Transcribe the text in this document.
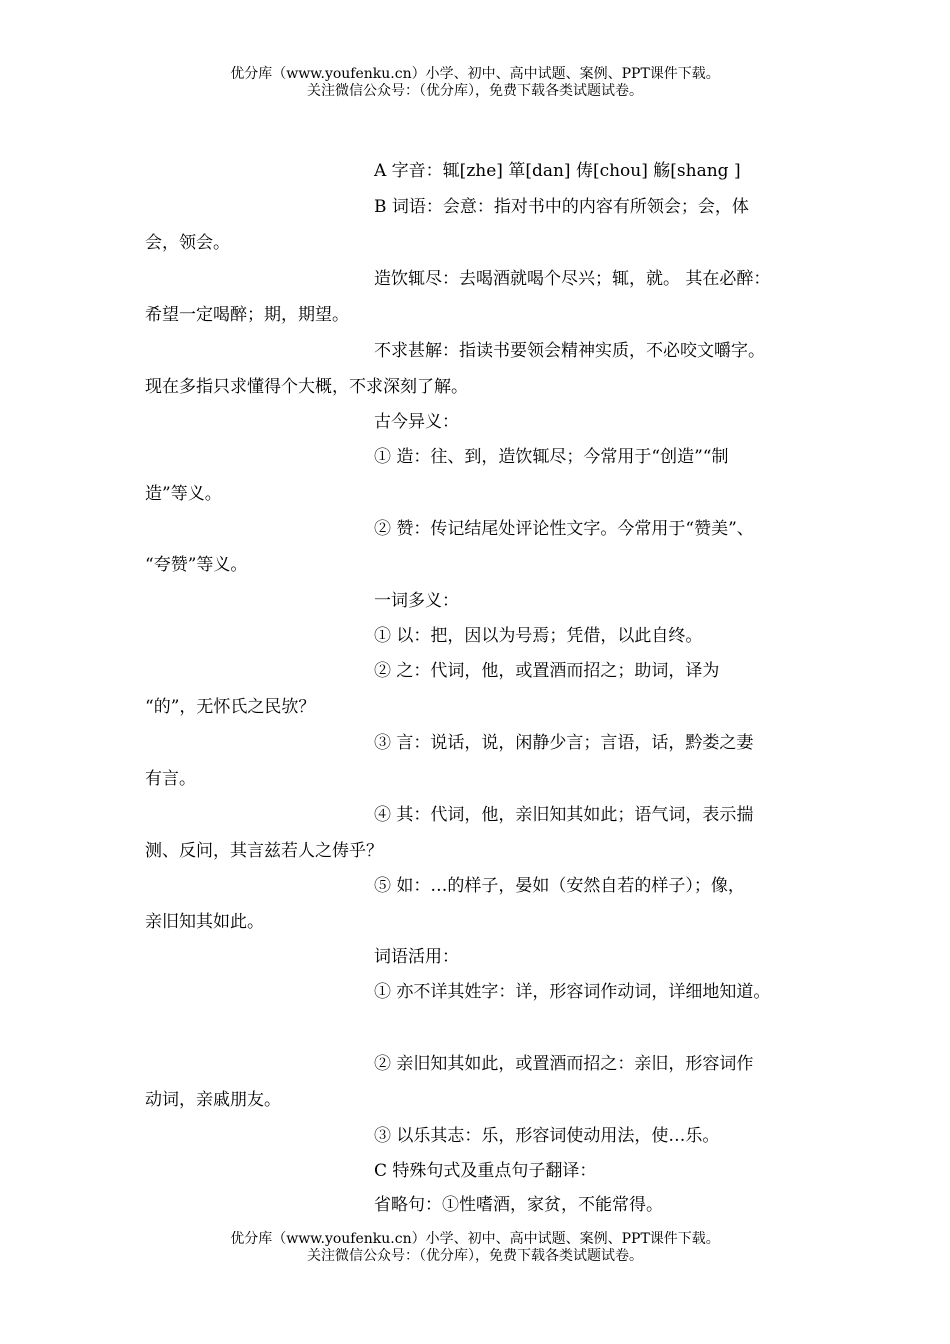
优分库（www.youfenku.cn）小学、初中、高中试题、案例、PPT课件下载。
关注微信公众号：（优分库），免费下载各类试题试卷。
A 字音：辄[zhe] 箪[dan] 俦[chou] 觞[shang ]
B 词语：会意：指对书中的内容有所领会；会，体
会，领会。
造饮辄尽：去喝酒就喝个尽兴；辄，就。 其在必醉：
希望一定喝醉；期，期望。
不求甚解：指读书要领会精神实质，不必咬文嚼字。
现在多指只求懂得个大概，不求深刻了解。
古今异义：
① 造：往、到，造饮辄尽；今常用于“创造”“制
造”等义。
② 赞：传记结尾处评论性文字。今常用于“赞美”、
“夸赞”等义。
一词多义：
① 以：把，因以为号焉；凭借，以此自终。
② 之：代词，他，或置酒而招之；助词，译为
“的”，无怀氏之民欤？
③ 言：说话，说，闲静少言；言语，话，黔娄之妻
有言。
④ 其：代词，他，亲旧知其如此；语气词，表示揣
测、反问，其言兹若人之俦乎？
⑤ 如：…的样子，晏如（安然自若的样子）；像，
亲旧知其如此。
词语活用：
① 亦不详其姓字：详，形容词作动词，详细地知道。
② 亲旧知其如此，或置酒而招之：亲旧，形容词作
动词，亲戚朋友。
③ 以乐其志：乐，形容词使动用法，使…乐。
C 特殊句式及重点句子翻译：
省略句：①性嗜酒，家贫，不能常得。
优分库（www.youfenku.cn）小学、初中、高中试题、案例、PPT课件下载。
关注微信公众号：（优分库），免费下载各类试题试卷。
